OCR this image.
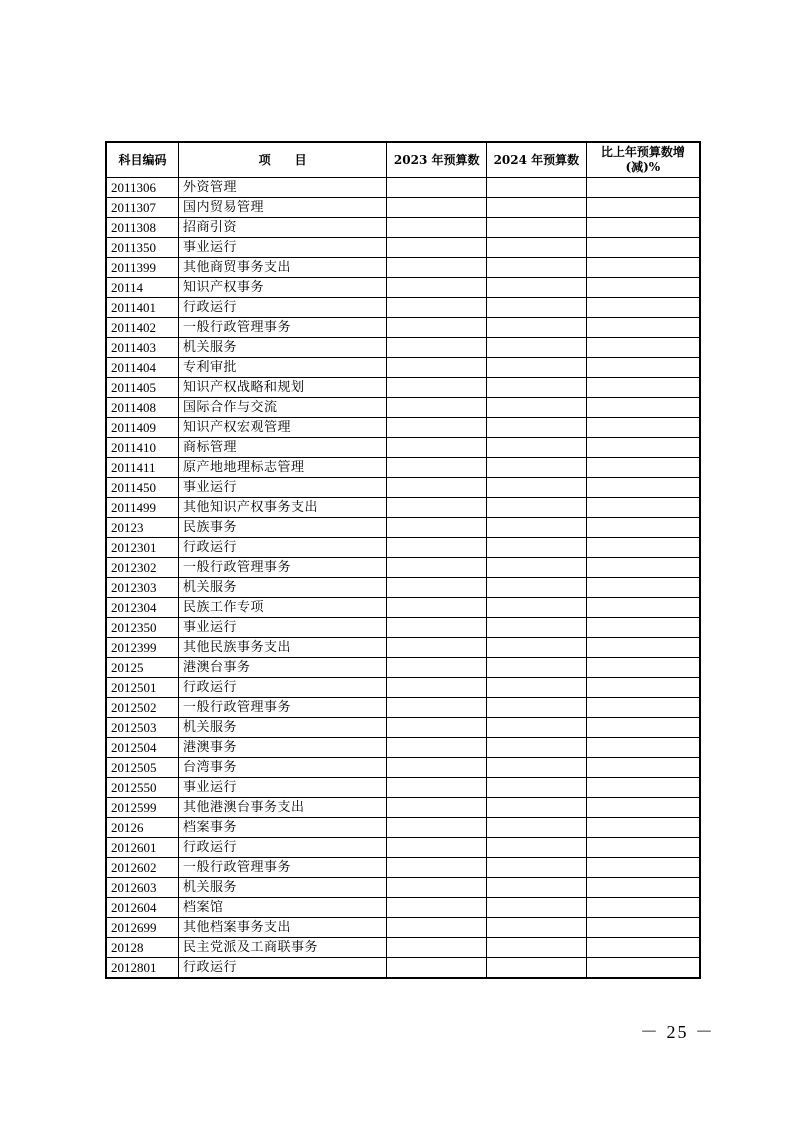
科目编码	项　　目	2023 年预算数	2024 年预算数	比上年预算数增(减)%
2011306	外资管理			
2011307	国内贸易管理			
2011308	招商引资			
2011350	事业运行			
2011399	其他商贸事务支出			
20114	知识产权事务			
2011401	行政运行			
2011402	一般行政管理事务			
2011403	机关服务			
2011404	专利审批			
2011405	知识产权战略和规划			
2011408	国际合作与交流			
2011409	知识产权宏观管理			
2011410	商标管理			
2011411	原产地地理标志管理			
2011450	事业运行			
2011499	其他知识产权事务支出			
20123	民族事务			
2012301	行政运行			
2012302	一般行政管理事务			
2012303	机关服务			
2012304	民族工作专项			
2012350	事业运行			
2012399	其他民族事务支出			
20125	港澳台事务			
2012501	行政运行			
2012502	一般行政管理事务			
2012503	机关服务			
2012504	港澳事务			
2012505	台湾事务			
2012550	事业运行			
2012599	其他港澳台事务支出			
20126	档案事务			
2012601	行政运行			
2012602	一般行政管理事务			
2012603	机关服务			
2012604	档案馆			
2012699	其他档案事务支出			
20128	民主党派及工商联事务			
2012801	行政运行			
－ 25 －
